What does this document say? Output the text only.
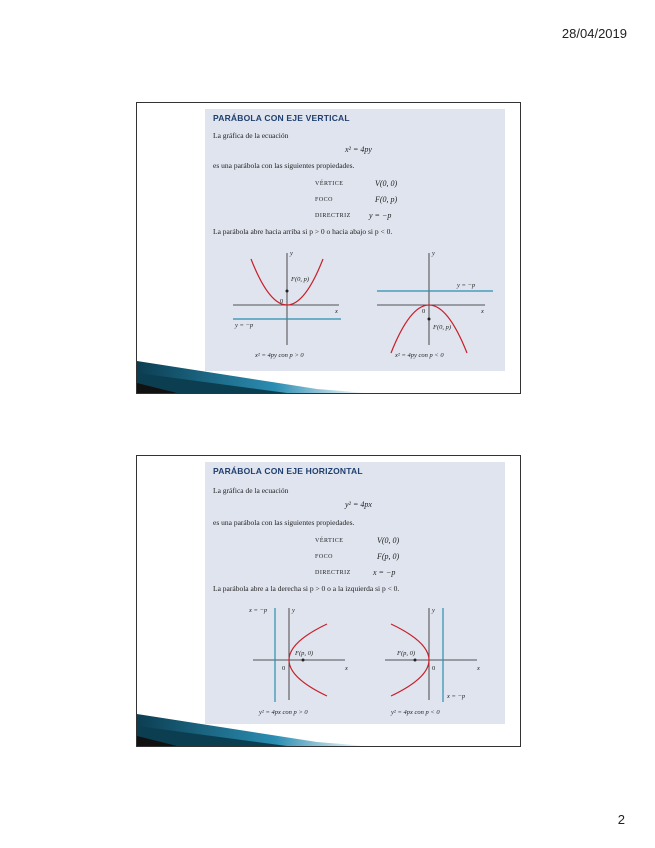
28/04/2019
PARÁBOLA CON EJE VERTICAL
La gráfica de la ecuación
x² = 4py
es una parábola con las siguientes propiedades.
VÉRTICE	V(0, 0)
FOCO	F(0, p)
DIRECTRIZ y = −p
La parábola abre hacia arriba si p > 0 o hacia abajo si p < 0.
y
x
0
F(0, p)
y = −p
x² = 4py con p > 0
y
x
0
F(0, p)
y = −p
x² = 4py con p < 0
PARÁBOLA CON EJE HORIZONTAL
La gráfica de la ecuación
y² = 4px
es una parábola con las siguientes propiedades.
VÉRTICE	V(0, 0)
FOCO	F(p, 0)
DIRECTRIZ	x = −p
La parábola abre a la derecha si p > 0 o a la izquierda si p < 0.
y
x
0
F(p, 0)
x = −p
y² = 4px con p > 0
y
x
0
F(p, 0)
x = −p
y² = 4px con p < 0
2
